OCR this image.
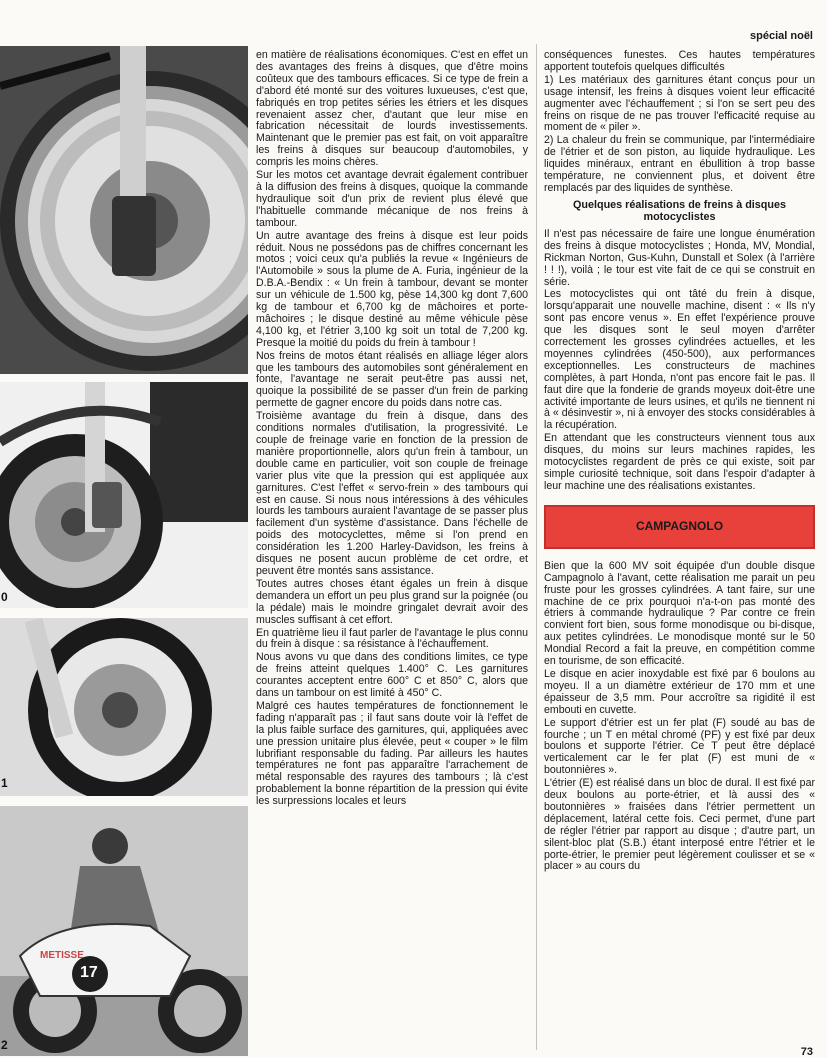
spécial noël
0
1
METISSE
17
2

en matière de réalisations économiques. C'est en effet un des avantages des freins à disques, que d'être moins coûteux que des tambours efficaces. Si ce type de frein a d'abord été monté sur des voitures luxueuses, c'est que, fabriqués en trop petites séries les étriers et les disques revenaient assez cher, d'autant que leur mise en fabrication nécessitait de lourds investissements. Maintenant que le premier pas est fait, on voit apparaître les freins à disques sur beaucoup d'automobiles, y compris les moins chères.

Sur les motos cet avantage devrait également contribuer à la diffusion des freins à disques, quoique la commande hydraulique soit d'un prix de revient plus élevé que l'habituelle commande mécanique de nos freins à tambour.

Un autre avantage des freins à disque est leur poids réduit. Nous ne possédons pas de chiffres concernant les motos ; voici ceux qu'a publiés la revue « Ingénieurs de l'Automobile » sous la plume de A. Furia, ingénieur de la D.B.A.-Bendix : « Un frein à tambour, devant se monter sur un véhicule de 1.500 kg, pèse 14,300 kg dont 7,600 kg de tambour et 6,700 kg de mâchoires et porte-mâchoires ; le disque destiné au même véhicule pèse 4,100 kg, et l'étrier 3,100 kg soit un total de 7,200 kg. Presque la moitié du poids du frein à tambour !

Nos freins de motos étant réalisés en alliage léger alors que les tambours des automobiles sont généralement en fonte, l'avantage ne serait peut-être pas aussi net, quoique la possibilité de se passer d'un frein de parking permette de gagner encore du poids dans notre cas.

Troisième avantage du frein à disque, dans des conditions normales d'utilisation, la progressivité. Le couple de freinage varie en fonction de la pression de manière proportionnelle, alors qu'un frein à tambour, un double came en particulier, voit son couple de freinage varier plus vite que la pression qui est appliquée aux garnitures. C'est l'effet « servo-frein » des tambours qui est en cause. Si nous nous intéressions à des véhicules lourds les tambours auraient l'avantage de se passer plus facilement d'un système d'assistance. Dans l'échelle de poids des motocyclettes, même si l'on prend en considération les 1.200 Harley-Davidson, les freins à disques ne posent aucun problème de cet ordre, et peuvent être montés sans assistance.

Toutes autres choses étant égales un frein à disque demandera un effort un peu plus grand sur la poignée (ou la pédale) mais le moindre gringalet devrait avoir des muscles suffisant à cet effort.

En quatrième lieu il faut parler de l'avantage le plus connu du frein à disque : sa résistance à l'échauffement.

Nous avons vu que dans des conditions limites, ce type de freins atteint quelques 1.400° C. Les garnitures courantes acceptent entre 600° C et 850° C, alors que dans un tambour on est limité à 450° C.

Malgré ces hautes températures de fonctionnement le fading n'apparaît pas ; il faut sans doute voir là l'effet de la plus faible surface des garnitures, qui, appliquées avec une pression unitaire plus élevée, peut « couper » le film lubrifiant responsable du fading. Par ailleurs les hautes températures ne font pas apparaître l'arrachement de métal responsable des rayures des tambours ; là c'est probablement la bonne répartition de la pression qui évite les surpressions locales et leurs

conséquences funestes. Ces hautes températures apportent toutefois quelques difficultés

1) Les matériaux des garnitures étant conçus pour un usage intensif, les freins à disques voient leur efficacité augmenter avec l'échauffement ; si l'on se sert peu des freins on risque de ne pas trouver l'efficacité requise au moment de « piler ».

2) La chaleur du frein se communique, par l'intermédiaire de l'étrier et de son piston, au liquide hydraulique. Les liquides minéraux, entrant en ébullition à trop basse température, ne conviennent plus, et doivent être remplacés par des liquides de synthèse.

Quelques réalisations de freins à disques motocyclistes

Il n'est pas nécessaire de faire une longue énumération des freins à disque motocyclistes ; Honda, MV, Mondial, Rickman Norton, Gus-Kuhn, Dunstall et Solex (à l'arrière ! ! !), voilà ; le tour est vite fait de ce qui se construit en série.

Les motocyclistes qui ont tâté du frein à disque, lorsqu'apparait une nouvelle machine, disent : « Ils n'y sont pas encore venus ». En effet l'expérience prouve que les disques sont le seul moyen d'arrêter correctement les grosses cylindrées actuelles, et les moyennes cylindrées (450-500), aux performances exceptionnelles. Les constructeurs de machines complètes, à part Honda, n'ont pas encore fait le pas. Il faut dire que la fonderie de grands moyeux doit-être une activité importante de leurs usines, et qu'ils ne tiennent ni à « désinvestir », ni à envoyer des stocks considérables à la récupération.

En attendant que les constructeurs viennent tous aux disques, du moins sur leurs machines rapides, les motocyclistes regardent de près ce qui existe, soit par simple curiosité technique, soit dans l'espoir d'adapter à leur machine une des réalisations existantes.

CAMPAGNOLO

Bien que la 600 MV soit équipée d'un double disque Campagnolo à l'avant, cette réalisation me parait un peu fruste pour les grosses cylindrées. A tant faire, sur une machine de ce prix pourquoi n'a-t-on pas monté des étriers à commande hydraulique ? Par contre ce frein convient fort bien, sous forme monodisque ou bi-disque, aux petites cylindrées. Le monodisque monté sur le 50 Mondial Record a fait la preuve, en compétition comme en tourisme, de son efficacité.

Le disque en acier inoxydable est fixé par 6 boulons au moyeu. Il a un diamètre extérieur de 170 mm et une épaisseur de 3,5 mm. Pour accroître sa rigidité il est embouti en cuvette.

Le support d'étrier est un fer plat (F) soudé au bas de fourche ; un T en métal chromé (PF) y est fixé par deux boulons et supporte l'étrier. Ce T peut être déplacé verticalement car le fer plat (F) est muni de « boutonnières ».

L'étrier (E) est réalisé dans un bloc de dural. Il est fixé par deux boulons au porte-étrier, et là aussi des « boutonnières » fraisées dans l'étrier permettent un déplacement, latéral cette fois. Ceci permet, d'une part de régler l'étrier par rapport au disque ; d'autre part, un silent-bloc plat (S.B.) étant interposé entre l'étrier et le porte-étrier, le premier peut légèrement coulisser et se « placer » au cours du

73
